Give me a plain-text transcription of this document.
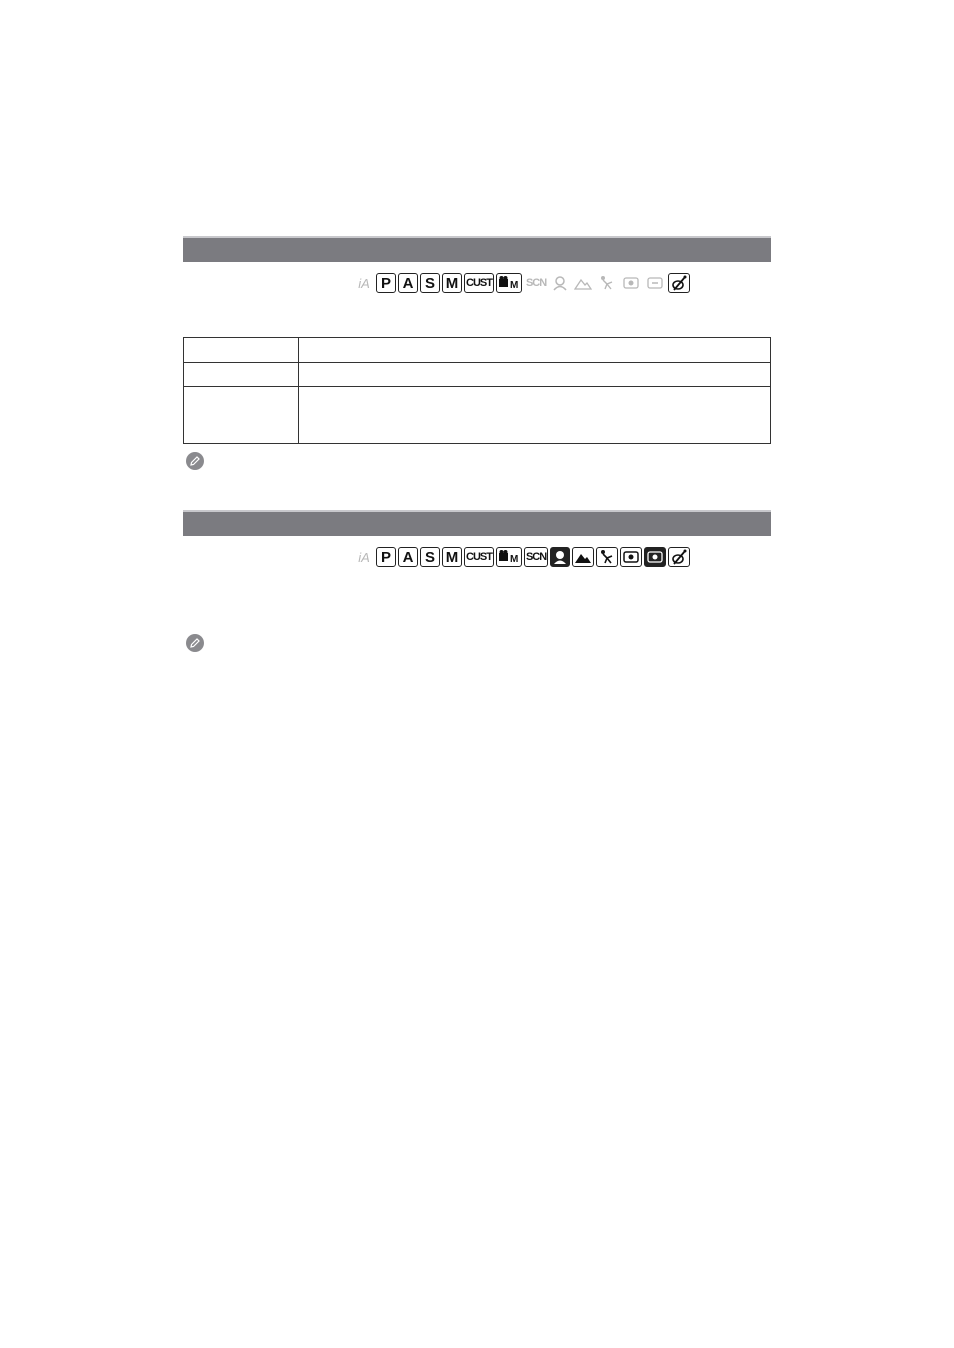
iA P A S M CUST M SCN

iA P A S M CUST M SCN
